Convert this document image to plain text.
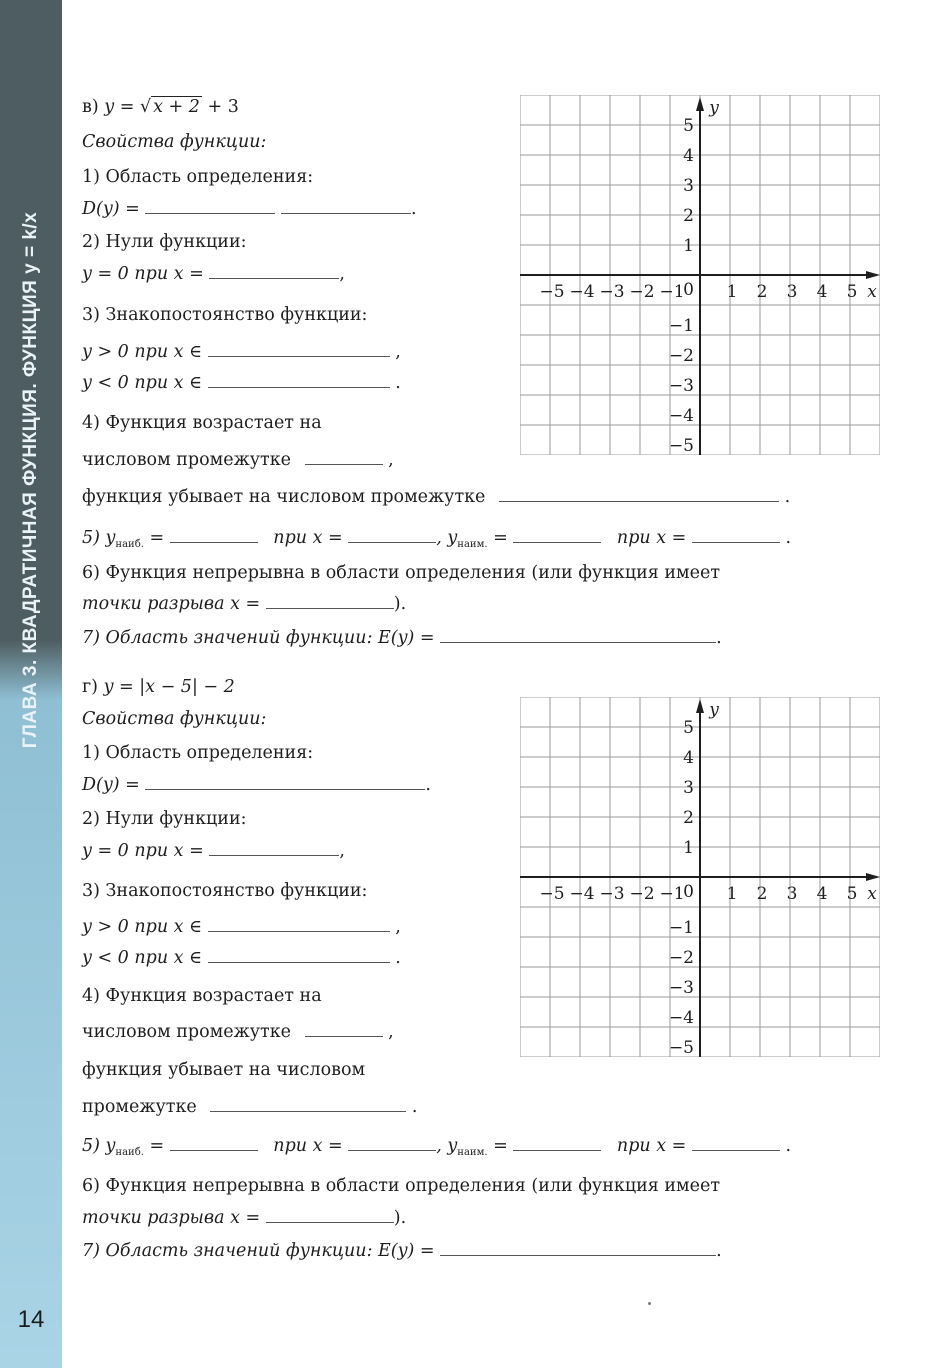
ГЛАВА 3. КВАДРАТИЧНАЯ ФУНКЦИЯ. ФУНКЦИЯ y = k/x
14
в) y = √ x + 2 + 3
Свойства функции:
1) Область определения:
D(y) =	.
2) Нули функции:
y = 0 при x =	,
3) Знакопостоянство функции:
y > 0 при x ∈	,
y < 0 при x ∈	.
4) Функция возрастает на
числовом промежутке	,
функция убывает на числовом промежутке	.
5) $y_{наиб.}$ =	при x =	, $y_{наим.}$ =	при x =	.
6) Функция непрерывна в области определения (или функция имеет
точки разрыва x =	).
7) Область значений функции: E(y) =	.
−5 −4 −3 −2 −1 1 2 3 4 5
0
5
4
3
2
1
−1
−2
−3
−4
−5
x
y
г) y = |x − 5| − 2
Свойства функции:
1) Область определения:
D(y) =	.
2) Нули функции:
y = 0 при x =	,
3) Знакопостоянство функции:
y > 0 при x ∈	,
y < 0 при x ∈	.
4) Функция возрастает на
числовом промежутке	,
функция убывает на числовом
промежутке	.
5) $y_{наиб.}$ =	при x =	, $y_{наим.}$ =	при x =	.
6) Функция непрерывна в области определения (или функция имеет
точки разрыва x =	).
7) Область значений функции: E(y) =	.
−5 −4 −3 −2 −1 1 2 3 4 5
0
5
4
3
2
1
−1
−2
−3
−4
−5
x
y
